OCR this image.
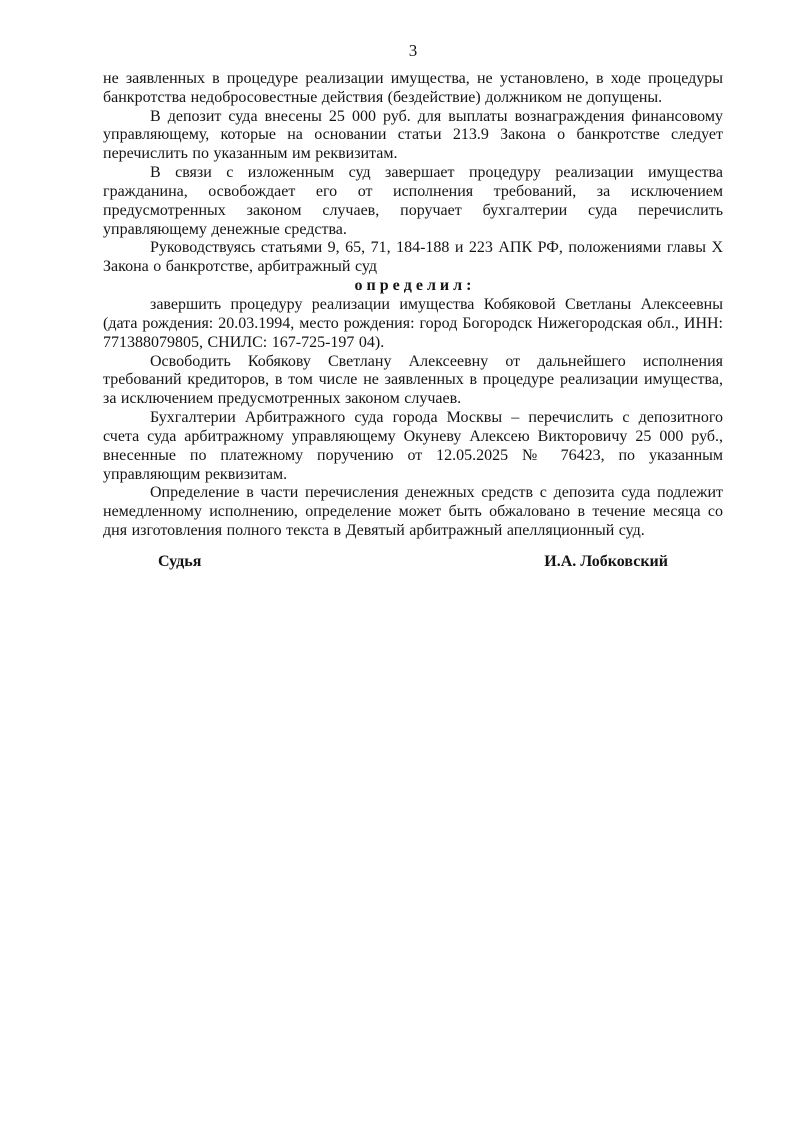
3

не заявленных в процедуре реализации имущества, не установлено, в ходе процедуры банкротства недобросовестные действия (бездействие) должником не допущены.

В депозит суда внесены 25 000 руб. для выплаты вознаграждения финансовому управляющему, которые на основании статьи 213.9 Закона о банкротстве следует перечислить по указанным им реквизитам.

В связи с изложенным суд завершает процедуру реализации имущества гражданина, освобождает его от исполнения требований, за исключением предусмотренных законом случаев, поручает бухгалтерии суда перечислить управляющему денежные средства.

Руководствуясь статьями 9, 65, 71, 184-188 и 223 АПК РФ, положениями главы X Закона о банкротстве, арбитражный суд

о п р е д е л и л :

завершить процедуру реализации имущества Кобяковой Светланы Алексеевны (дата рождения: 20.03.1994, место рождения: город Богородск Нижегородская обл., ИНН: 771388079805, СНИЛС: 167-725-197 04).

Освободить Кобякову Светлану Алексеевну от дальнейшего исполнения требований кредиторов, в том числе не заявленных в процедуре реализации имущества, за исключением предусмотренных законом случаев.

Бухгалтерии Арбитражного суда города Москвы – перечислить с депозитного счета суда арбитражному управляющему Окуневу Алексею Викторовичу 25 000 руб., внесенные по платежному поручению от 12.05.2025 № 76423, по указанным управляющим реквизитам.

Определение в части перечисления денежных средств с депозита суда подлежит немедленному исполнению, определение может быть обжаловано в течение месяца со дня изготовления полного текста в Девятый арбитражный апелляционный суд.

Судья	И.А. Лобковский
